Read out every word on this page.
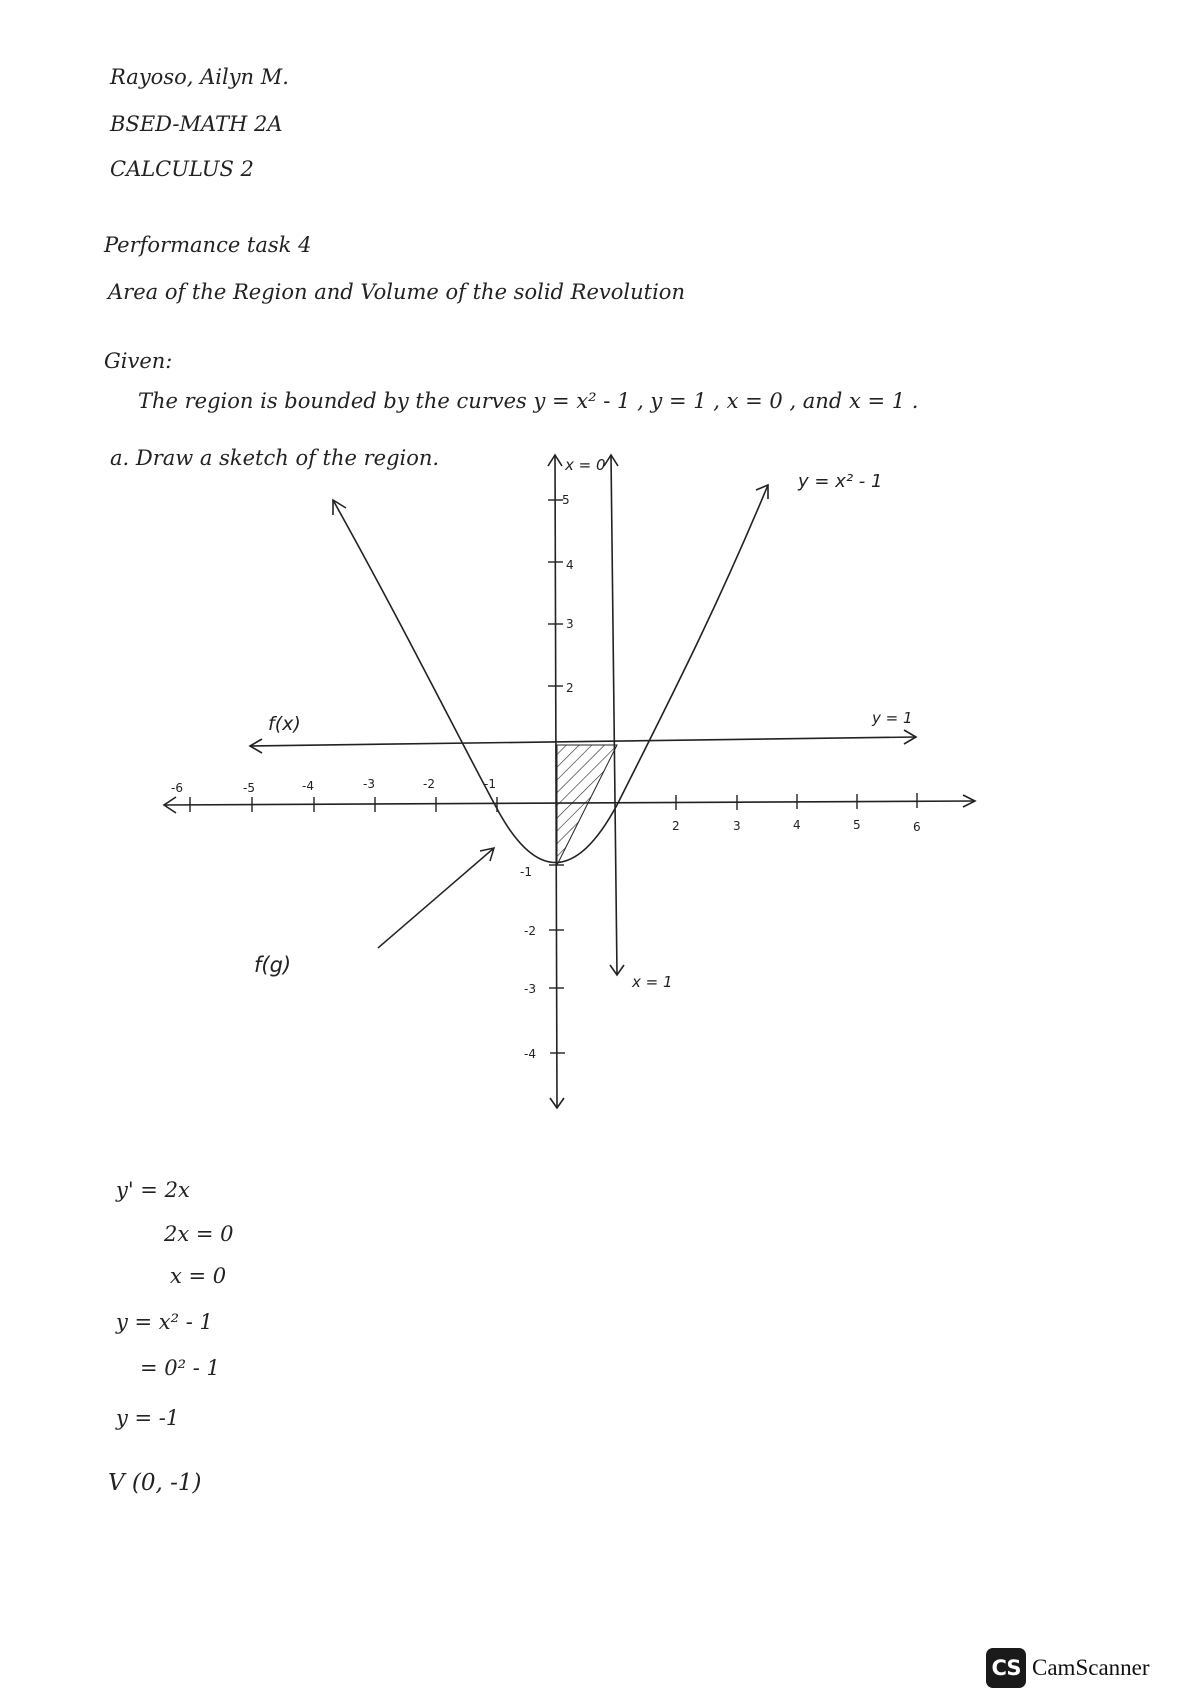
Rayoso, Ailyn M.
BSED-MATH 2A
CALCULUS 2
Performance task 4
Area of the Region and Volume of the solid Revolution
Given:
The region is bounded by the curves y = x² - 1 , y = 1 , x = 0 , and x = 1 .
a. Draw a sketch of the region.
-6	-5	-4	-3	-2	-1
2	3	4	5	6
5
4
3
2
-1
-2
-3
-4
x = 0
x = 1
y = 1
y = x² - 1
f(x)
f(g)
y' = 2x
2x = 0
x = 0
y = x² - 1
= 0² - 1
y = -1
V (0, -1)
CS CamScanner
